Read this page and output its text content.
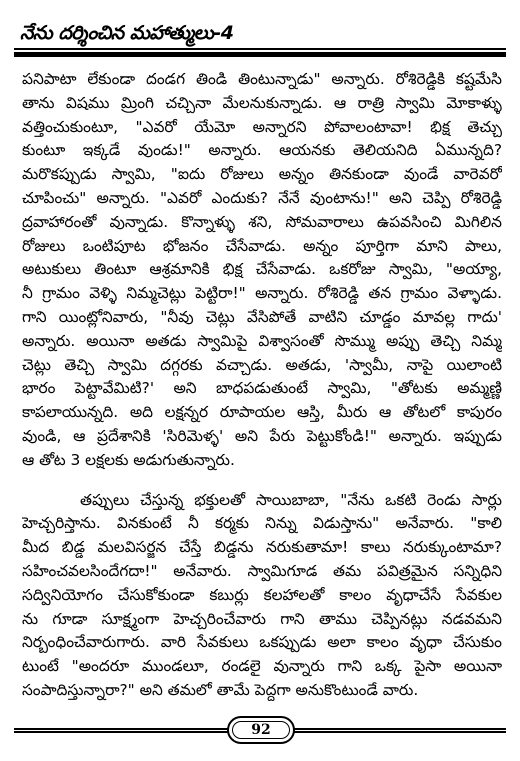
నేను దర్శించిన మహాత్ములు-4
పనిపాటా లేకుండా దండగ తిండి తింటున్నాడు" అన్నారు. రోశిరెడ్డికి కష్టమేసి
తాను విషము మ్రింగి చచ్చినా మేలనుకున్నాడు. ఆ రాత్రి స్వామి మోకాళ్ళు
వత్తించుకుంటూ, "ఎవరో యేమో అన్నారని పోవాలంటావా! భిక్ష తెచ్చు
కుంటూ ఇక్కడే వుండు!" అన్నారు. ఆయనకు తెలియనిది ఏమున్నది?
మరొకప్పుడు స్వామి, "ఐదు రోజులు అన్నం తినకుండా వుండే వారెవరో
చూపించు" అన్నారు. "ఎవరో ఎందుకు? నేనే వుంటాను!" అని చెప్పి రోశిరెడ్డి
ద్రవాహారంతో వున్నాడు. కొన్నాళ్ళు శని, సోమవారాలు ఉపవసించి మిగిలిన
రోజులు ఒంటిపూట భోజనం చేసేవాడు. అన్నం పూర్తిగా మాని పాలు,
అటుకులు తింటూ ఆశ్రమానికి భిక్ష చేసేవాడు. ఒకరోజు స్వామి, "అయ్యా,
నీ గ్రామం వెళ్ళి నిమ్మచెట్లు పెట్టిరా!" అన్నారు. రోశిరెడ్డి తన గ్రామం వెళ్ళాడు.
గాని యింట్లోనివారు, "నీవు చెట్లు వేసిపోతే వాటిని చూడ్డం మావల్ల గాదు'
అన్నారు. అయినా అతడు స్వామిపై విశ్వాసంతో సొమ్ము అప్పు తెచ్చి నిమ్మ
చెట్లు తెచ్చి స్వామి దగ్గరకు వచ్చాడు. అతడు, 'స్వామీ, నాపై యిలాంటి
భారం పెట్టావేమిటి?' అని బాధపడుతుంటే స్వామి, "తోటకు అమ్మణ్ణి
కాపలాయున్నది. అది లక్షన్నర రూపాయల ఆస్తి, మీరు ఆ తోటలో కాపురం
వుండి, ఆ ప్రదేశానికి 'సిరిమెళ్ళ' అని పేరు పెట్టుకోండి!" అన్నారు. ఇప్పుడు
ఆ తోట 3 లక్షలకు అడుగుతున్నారు.
తప్పులు చేస్తున్న భక్తులతో సాయిబాబా, "నేను ఒకటి రెండు సార్లు
హెచ్చరిస్తాను. వినకుంటే నీ కర్మకు నిన్ను విడుస్తాను" అనేవారు. "కాలి
మీద బిడ్డ మలవిసర్జన చేస్తే బిడ్డను నరుకుతామా! కాలు నరుక్కుంటామా?
సహించవలసిందేగదా!" అనేవారు. స్వామిగూడ తమ పవిత్రమైన సన్నిధిని
సద్వినియోగం చేసుకోకుండా కబుర్లు కలహాలతో కాలం వృధాచేసే సేవకుల
ను గూడా సూక్ష్మంగా హెచ్చరించేవారు గాని తాము చెప్పినట్లు నడవమని
నిర్బంధించేవారుగారు. వారి సేవకులు ఒకప్పుడు అలా కాలం వృధా చేసుకుం
టుంటే "అందరూ ముండలూ, రండలై వున్నారు గాని ఒక్క పైసా అయినా
సంపాదిస్తున్నారా?" అని తమలో తామే పెద్దగా అనుకొంటుండే వారు.
92
